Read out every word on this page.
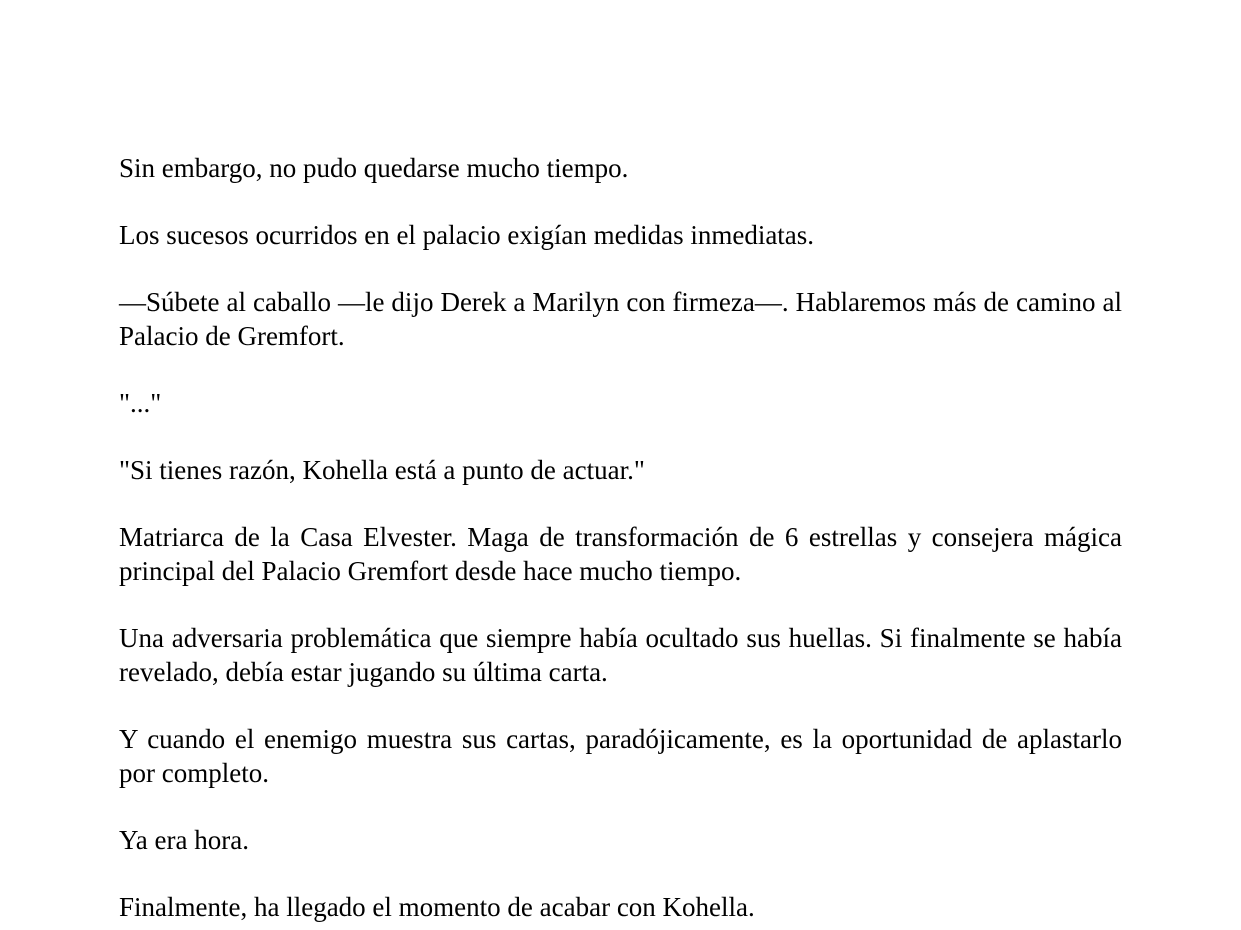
Sin embargo, no pudo quedarse mucho tiempo.

Los sucesos ocurridos en el palacio exigían medidas inmediatas.

—Súbete al caballo —le dijo Derek a Marilyn con firmeza—. Hablaremos más de camino al Palacio de Gremfort.

"..."

"Si tienes razón, Kohella está a punto de actuar."

Matriarca de la Casa Elvester. Maga de transformación de 6 estrellas y consejera mágica principal del Palacio Gremfort desde hace mucho tiempo.

Una adversaria problemática que siempre había ocultado sus huellas. Si finalmente se había revelado, debía estar jugando su última carta.

Y cuando el enemigo muestra sus cartas, paradójicamente, es la oportunidad de aplastarlo por completo.

Ya era hora.

Finalmente, ha llegado el momento de acabar con Kohella.
